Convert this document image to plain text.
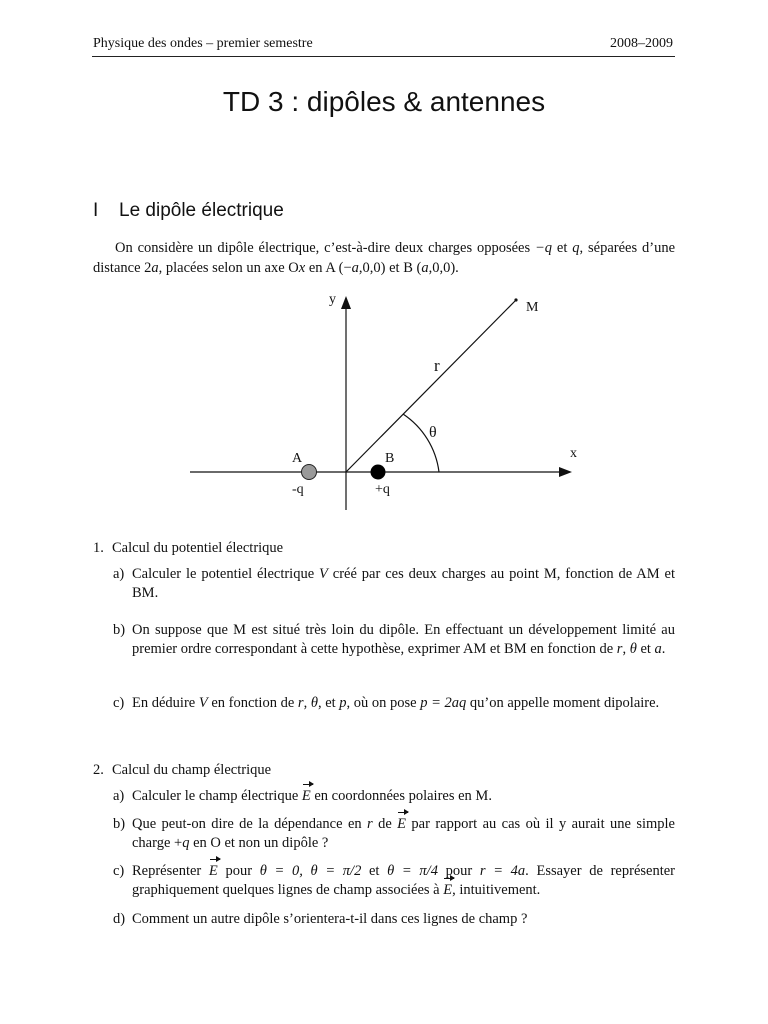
Physique des ondes – premier semestre	2008–2009
TD 3 : dipôles & antennes
I Le dipôle électrique
On considère un dipôle électrique, c’est-à-dire deux charges opposées −q et q, séparées d’une distance 2a, placées selon un axe Ox en A (−a,0,0) et B (a,0,0).
y
M
r
θ
x
A	B
-q	+q
1. Calcul du potentiel électrique
a) Calculer le potentiel électrique V créé par ces deux charges au point M, fonction de AM et BM.
b) On suppose que M est situé très loin du dipôle. En effectuant un développement limité au premier ordre correspondant à cette hypothèse, exprimer AM et BM en fonction de r, θ et a.
c) En déduire V en fonction de r, θ, et p, où on pose p = 2aq qu’on appelle moment dipolaire.
2. Calcul du champ électrique
a) Calculer le champ électrique E en coordonnées polaires en M.
b) Que peut-on dire de la dépendance en r de E par rapport au cas où il y aurait une simple charge +q en O et non un dipôle ?
c) Représenter E pour θ = 0, θ = π/2 et θ = π/4 pour r = 4a. Essayer de représenter graphiquement quelques lignes de champ associées à E, intuitivement.
d) Comment un autre dipôle s’orientera-t-il dans ces lignes de champ ?
